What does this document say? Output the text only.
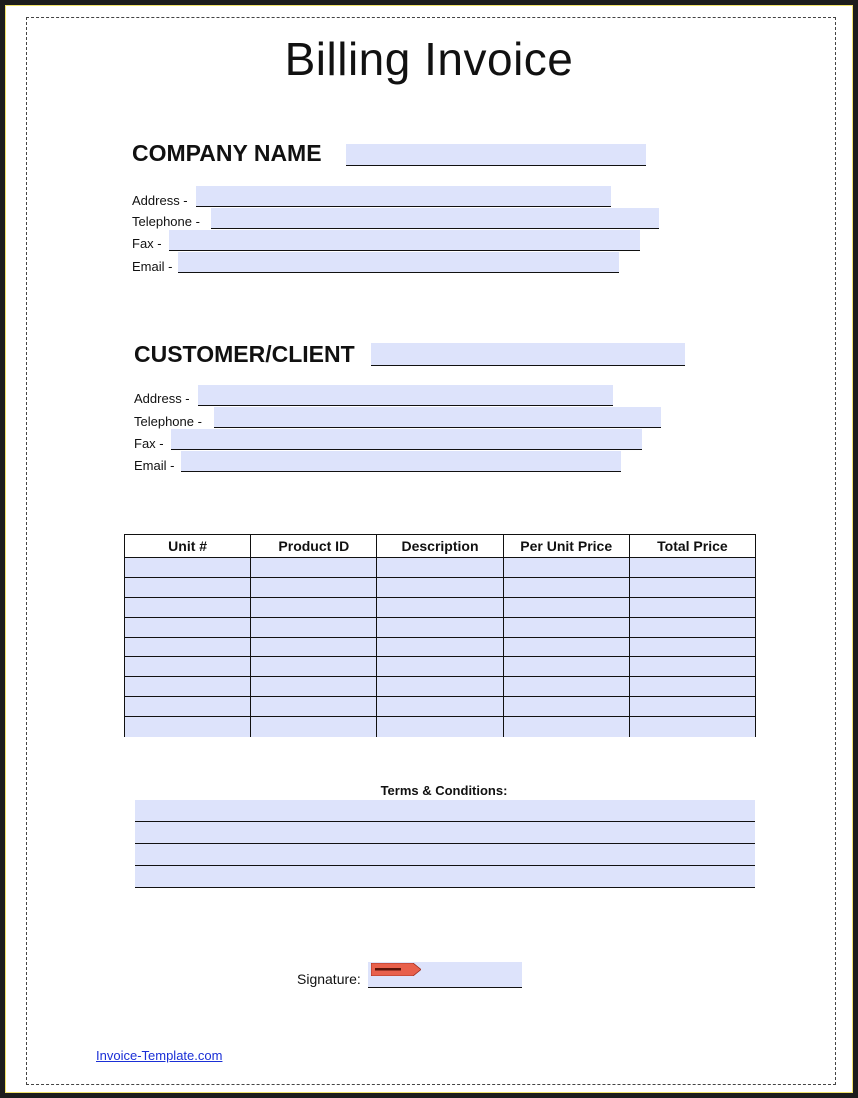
Billing Invoice
COMPANY NAME
Address -
Telephone -
Fax -
Email -
CUSTOMER/CLIENT
Address -
Telephone -
Fax -
Email -
Unit #	Product ID	Description	Per Unit Price	Total Price
Terms & Conditions:
Signature:
Invoice-Template.com
